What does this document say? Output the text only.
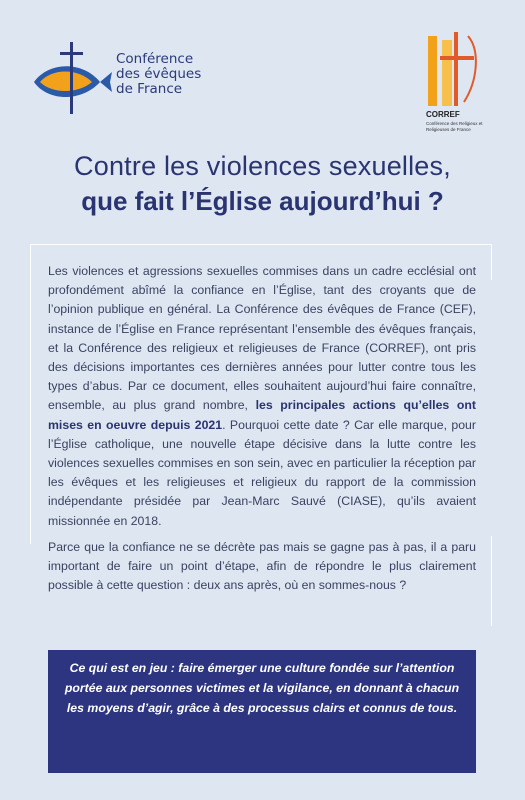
Conférence
des évêques
de France
CORREF
Conférence des Religieux et Religieuses de France
Contre les violences sexuelles,
que fait l’Église aujourd’hui ?

Les violences et agressions sexuelles commises dans un cadre ecclésial ont profondément abîmé la confiance en l’Église, tant des croyants que de l’opinion publique en général. La Conférence des évêques de France (CEF), instance de l’Église en France représentant l’ensemble des évêques français, et la Conférence des religieux et religieuses de France (CORREF), ont pris des décisions importantes ces dernières années pour lutter contre tous les types d’abus. Par ce document, elles souhaitent aujourd’hui faire connaître, ensemble, au plus grand nombre, les principales actions qu’elles ont mises en oeuvre depuis 2021. Pourquoi cette date ? Car elle marque, pour l’Église catholique, une nouvelle étape décisive dans la lutte contre les violences sexuelles commises en son sein, avec en particulier la réception par les évêques et les religieuses et religieux du rapport de la commission indépendante présidée par Jean-Marc Sauvé (CIASE), qu’ils avaient missionnée en 2018.

Parce que la confiance ne se décrète pas mais se gagne pas à pas, il a paru important de faire un point d’étape, afin de répondre le plus clairement possible à cette question : deux ans après, où en sommes-nous ?

Ce qui est en jeu : faire émerger une culture fondée sur l’attention portée aux personnes victimes et la vigilance, en donnant à chacun les moyens d’agir, grâce à des processus clairs et connus de tous.
